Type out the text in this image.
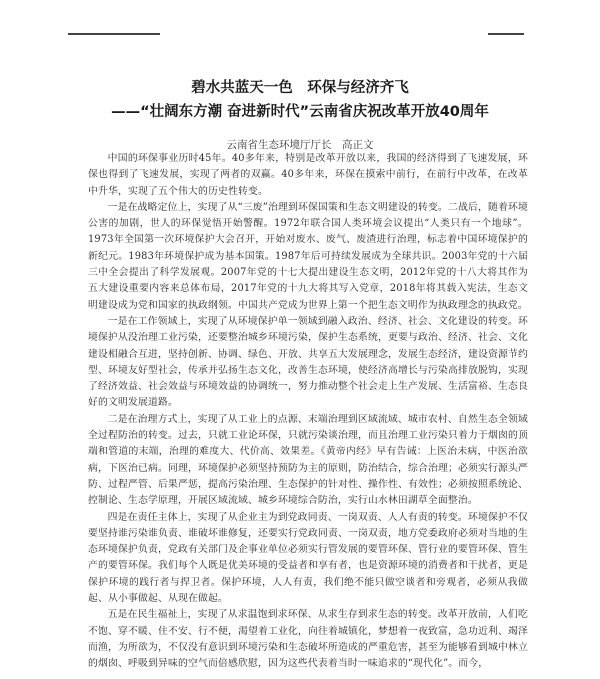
碧水共蓝天一色　环保与经济齐飞
——“壮阔东方潮 奋进新时代”云南省庆祝改革开放40周年
云南省生态环境厅厅长　高正文

中国的环保事业历时45年。40多年来，特别是改革开放以来，我国的经济得到了飞速发展，环保也得到了飞速发展，实现了两者的双赢。40多年来，环保在摸索中前行，在前行中改革，在改革中升华，实现了五个伟大的历史性转变。

一是在战略定位上，实现了从“三废”治理到环保国策和生态文明建设的转变。二战后，随着环境公害的加剧，世人的环保觉悟开始警醒。1972年联合国人类环境会议提出“人类只有一个地球”。1973年全国第一次环境保护大会召开，开始对废水、废气、废渣进行治理，标志着中国环境保护的新纪元。1983年环境保护成为基本国策。1987年后可持续发展成为全球共识。2003年党的十六届三中全会提出了科学发展观。2007年党的十七大提出建设生态文明，2012年党的十八大将其作为五大建设重要内容来总体布局，2017年党的十九大将其写入党章，2018年将其载入宪法，生态文明建设成为党和国家的执政纲领。中国共产党成为世界上第一个把生态文明作为执政理念的执政党。

一是在工作领域上，实现了从环境保护单一领域到融入政治、经济、社会、文化建设的转变。环境保护从没治理工业污染，还要整治城乡环境污染，保护生态系统，更要与政治、经济、社会、文化建设相融合互进，坚持创新、协调、绿色、开放、共享五大发展理念，发展生态经济，建设资源节约型、环境友好型社会，传承并弘扬生态文化，改善生态环境，使经济高增长与污染高排放脱钩，实现了经济效益、社会效益与环境效益的协调统一，努力推动整个社会走上生产发展、生活富裕、生态良好的文明发展道路。

二是在治理方式上，实现了从工业上的点源、末端治理到区域流域、城市农村、自然生态全领域全过程防治的转变。过去，只就工业论环保，只就污染谈治理，而且治理工业污染只着力于烟囱的顶端和管道的末端，治理的难度大、代价高、效果差。《黄帝内经》早有告诫：上医治未病，中医治欲病，下医治已病。同理，环境保护必须坚持预防为主的原则，防治结合，综合治理；必须实行源头严防、过程严管、后果严惩，提高污染治理、生态保护的针对性、操作性、有效性；必须按照系统论、控制论、生态学原理，开展区域流域、城乡环境综合防治，实行山水林田湖草全面整治。

四是在责任主体上，实现了从企业主为到党政同责、一岗双责、人人有责的转变。环境保护不仅要坚持谁污染谁负责、谁破坏谁修复，还要实行党政同责、一岗双责，地方党委政府必须对当地的生态环境保护负责，党政有关部门及企事业单位必须实行管发展的要管环保、管行业的要管环保、管生产的要管环保。我们每个人既是优美环境的受益者和享有者，也是资源环境的消费者和干扰者，更是保护环境的践行者与捍卫者。保护环境，人人有责，我们绝不能只做空谈者和旁观者，必须从我做起、从小事做起、从现在做起。

五是在民生福祉上，实现了从求温饱到求环保、从求生存到求生态的转变。改革开放前，人们吃不饱、穿不暖、住不安、行不便，渴望着工业化，向往着城镇化，梦想着一夜致富，急功近利、竭泽而渔，为所欲为，不仅没有意识到环境污染和生态破坏所造成的严重危害，甚至为能够看到城中林立的烟囱、呼吸到异味的空气而倍感欣慰，因为这些代表着当时一味追求的“现代化”。而今，
